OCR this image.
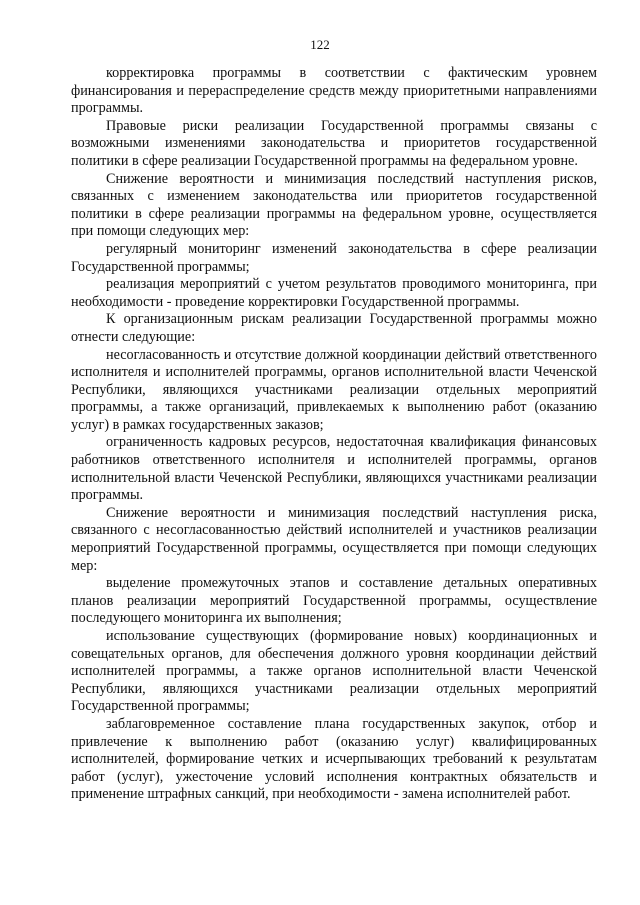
122

корректировка программы в соответствии с фактическим уровнем финансирования и перераспределение средств между приоритетными направлениями программы.

Правовые риски реализации Государственной программы связаны с возможными изменениями законодательства и приоритетов государственной политики в сфере реализации Государственной программы на федеральном уровне.

Снижение вероятности и минимизация последствий наступления рисков, связанных с изменением законодательства или приоритетов государственной политики в сфере реализации программы на федеральном уровне, осуществляется при помощи следующих мер:

регулярный мониторинг изменений законодательства в сфере реализации Государственной программы;

реализация мероприятий с учетом результатов проводимого мониторинга, при необходимости - проведение корректировки Государственной программы.

К организационным рискам реализации Государственной программы можно отнести следующие:

несогласованность и отсутствие должной координации действий ответственного исполнителя и исполнителей программы, органов исполнительной власти Чеченской Республики, являющихся участниками реализации отдельных мероприятий программы, а также организаций, привлекаемых к выполнению работ (оказанию услуг) в рамках государственных заказов;

ограниченность кадровых ресурсов, недостаточная квалификация финансовых работников ответственного исполнителя и исполнителей программы, органов исполнительной власти Чеченской Республики, являющихся участниками реализации программы.

Снижение вероятности и минимизация последствий наступления риска, связанного с несогласованностью действий исполнителей и участников реализации мероприятий Государственной программы, осуществляется при помощи следующих мер:

выделение промежуточных этапов и составление детальных оперативных планов реализации мероприятий Государственной программы, осуществление последующего мониторинга их выполнения;

использование существующих (формирование новых) координационных и совещательных органов, для обеспечения должного уровня координации действий исполнителей программы, а также органов исполнительной власти Чеченской Республики, являющихся участниками реализации отдельных мероприятий Государственной программы;

заблаговременное составление плана государственных закупок, отбор и привлечение к выполнению работ (оказанию услуг) квалифицированных исполнителей, формирование четких и исчерпывающих требований к результатам работ (услуг), ужесточение условий исполнения контрактных обязательств и применение штрафных санкций, при необходимости - замена исполнителей работ.
